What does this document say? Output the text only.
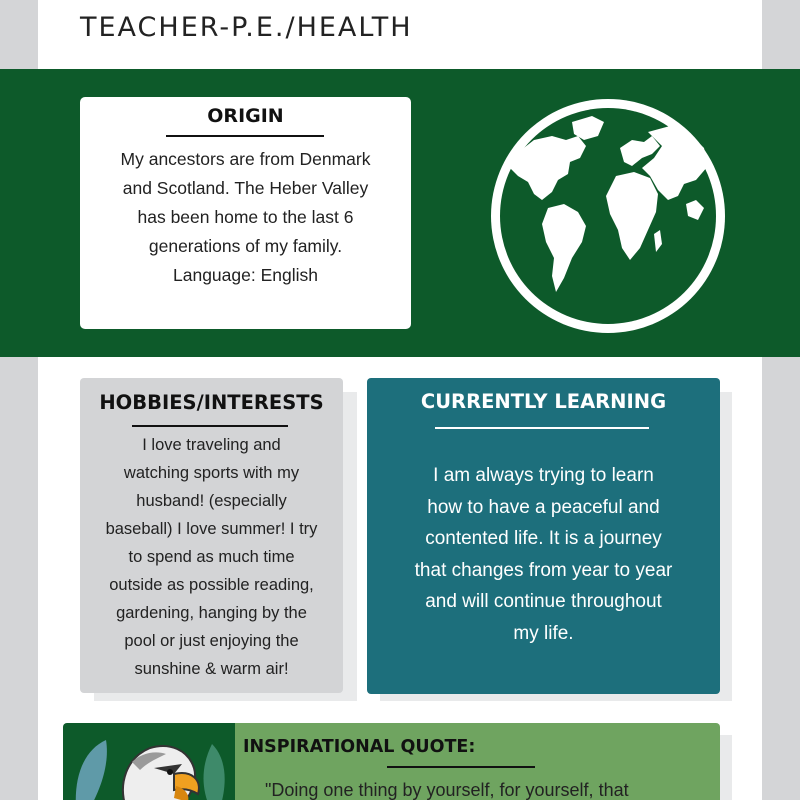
TEACHER-P.E./HEALTH
ORIGIN
My ancestors are from Denmark
and Scotland. The Heber Valley
has been home to the last 6
generations of my family.
Language: English
HOBBIES/INTERESTS
I love traveling and
watching sports with my
husband! (especially
baseball) I love summer! I try
to spend as much time
outside as possible reading,
gardening, hanging by the
pool or just enjoying the
sunshine & warm air!
CURRENTLY LEARNING
I am always trying to learn
how to have a peaceful and
contented life. It is a journey
that changes from year to year
and will continue throughout
my life.
INSPIRATIONAL QUOTE:
"Doing one thing by yourself, for yourself, that
